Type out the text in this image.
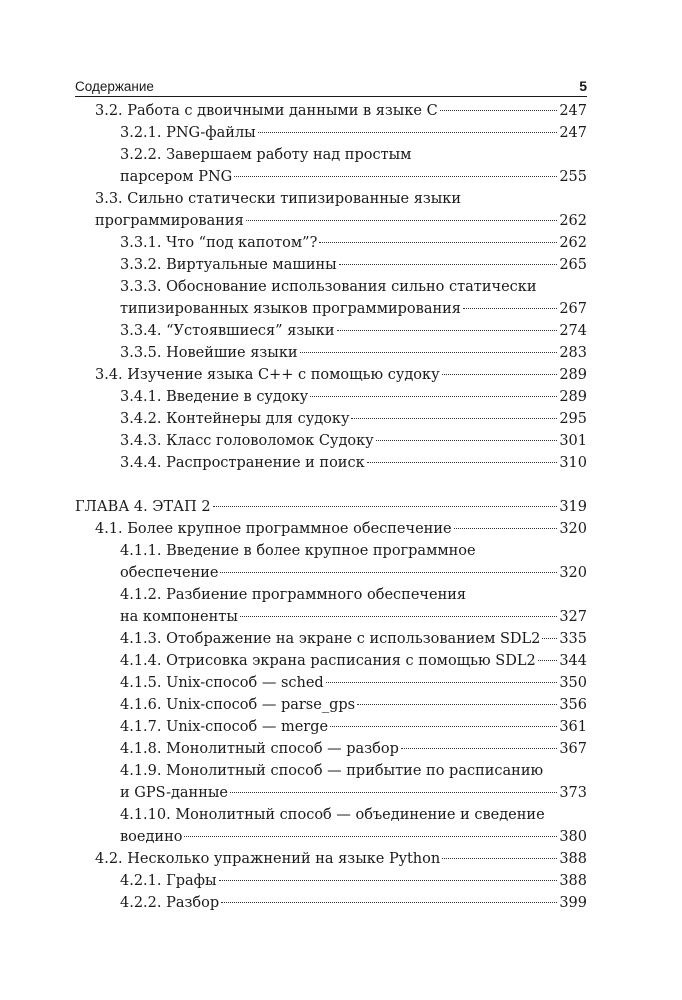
Содержание	5
3.2. Работа с двоичными данными в языке С	247
3.2.1. PNG-файлы	247
3.2.2. Завершаем работу над простым
парсером PNG	255
3.3. Сильно статически типизированные языки
программирования	262
3.3.1. Что “под капотом”?	262
3.3.2. Виртуальные машины	265
3.3.3. Обоснование использования сильно статически
типизированных языков программирования	267
3.3.4. “Устоявшиеся” языки	274
3.3.5. Новейшие языки	283
3.4. Изучение языка С++ с помощью судоку	289
3.4.1. Введение в судоку	289
3.4.2. Контейнеры для судоку	295
3.4.3. Класс головоломок Судоку	301
3.4.4. Распространение и поиск	310
ГЛАВА 4. ЭТАП 2	319
4.1. Более крупное программное обеспечение	320
4.1.1. Введение в более крупное программное
обеспечение	320
4.1.2. Разбиение программного обеспечения
на компоненты	327
4.1.3. Отображение на экране с использованием SDL2 335
4.1.4. Отрисовка экрана расписания с помощью SDL2 344
4.1.5. Unix-способ — sched	350
4.1.6. Unix-способ — parse_gps	356
4.1.7. Unix-способ — merge	361
4.1.8. Монолитный способ — разбор	367
4.1.9. Монолитный способ — прибытие по расписанию
и GPS-данные	373
4.1.10. Монолитный способ — объединение и сведение
воедино	380
4.2. Несколько упражнений на языке Python	388
4.2.1. Графы	388
4.2.2. Разбор	399
